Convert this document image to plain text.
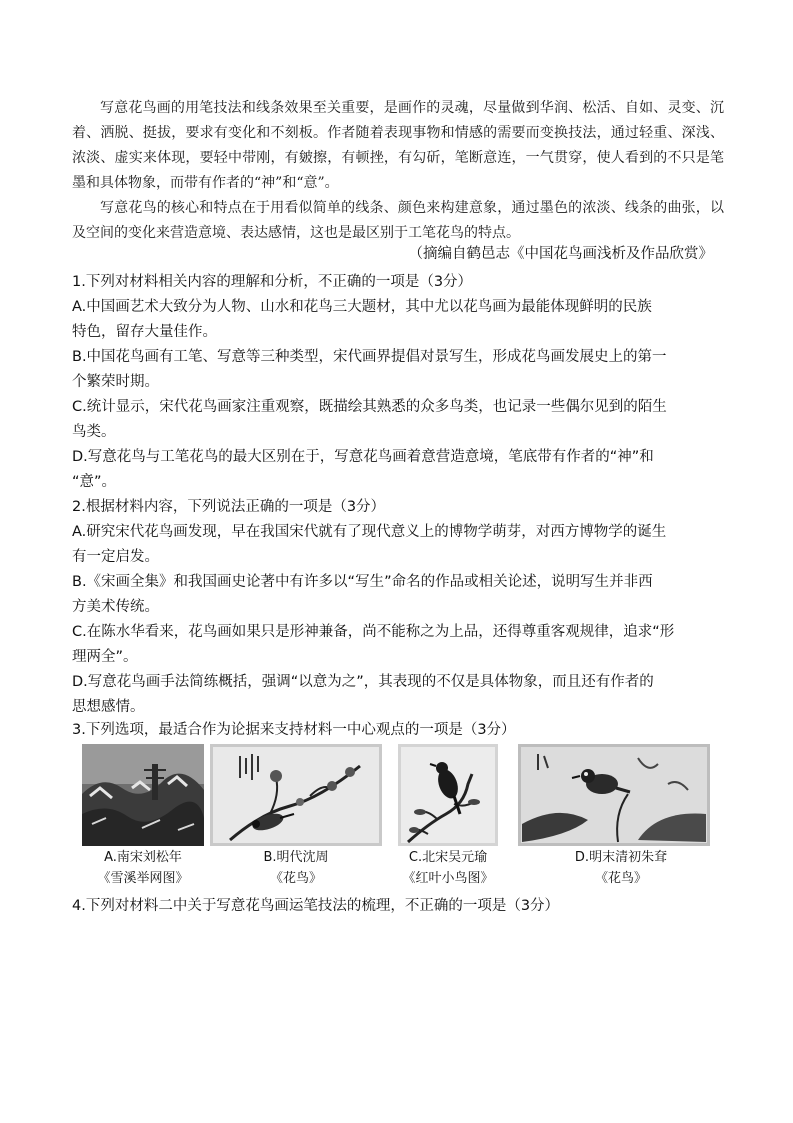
写意花鸟画的用笔技法和线条效果至关重要，是画作的灵魂，尽量做到华润、松活、自如、灵变、沉着、洒脱、挺拔，要求有变化和不刻板。作者随着表现事物和情感的需要而变换技法，通过轻重、深浅、浓淡、虚实来体现，要轻中带刚，有皴擦，有顿挫，有勾斫，笔断意连，一气贯穿，使人看到的不只是笔墨和具体物象，而带有作者的“神”和“意”。
写意花鸟的核心和特点在于用看似简单的线条、颜色来构建意象，通过墨色的浓淡、线条的曲张，以及空间的变化来营造意境、表达感情，这也是最区别于工笔花鸟的特点。
（摘编自鹤邑志《中国花鸟画浅析及作品欣赏》
1.下列对材料相关内容的理解和分析，不正确的一项是（3分）
A.中国画艺术大致分为人物、山水和花鸟三大题材，其中尤以花鸟画为最能体现鲜明的民族
特色，留存大量佳作。
B.中国花鸟画有工笔、写意等三种类型，宋代画界提倡对景写生，形成花鸟画发展史上的第一
个繁荣时期。
C.统计显示，宋代花鸟画家注重观察，既描绘其熟悉的众多鸟类，也记录一些偶尔见到的陌生
鸟类。
D.写意花鸟与工笔花鸟的最大区别在于，写意花鸟画着意营造意境，笔底带有作者的“神”和
“意”。
2.根据材料内容，下列说法正确的一项是（3分）
A.研究宋代花鸟画发现，早在我国宋代就有了现代意义上的博物学萌芽，对西方博物学的诞生
有一定启发。
B.《宋画全集》和我国画史论著中有许多以“写生”命名的作品或相关论述，说明写生并非西
方美术传统。
C.在陈水华看来，花鸟画如果只是形神兼备，尚不能称之为上品，还得尊重客观规律，追求“形
理两全”。
D.写意花鸟画手法简练概括，强调“以意为之”，其表现的不仅是具体物象，而且还有作者的
思想感情。
3.下列选项，最适合作为论据来支持材料一中心观点的一项是（3分）
A.南宋刘松年
《雪溪举网图》
B.明代沈周
《花鸟》
C.北宋吴元瑜
《红叶小鸟图》
D.明末清初朱耷
《花鸟》
4.下列对材料二中关于写意花鸟画运笔技法的梳理，不正确的一项是（3分）
